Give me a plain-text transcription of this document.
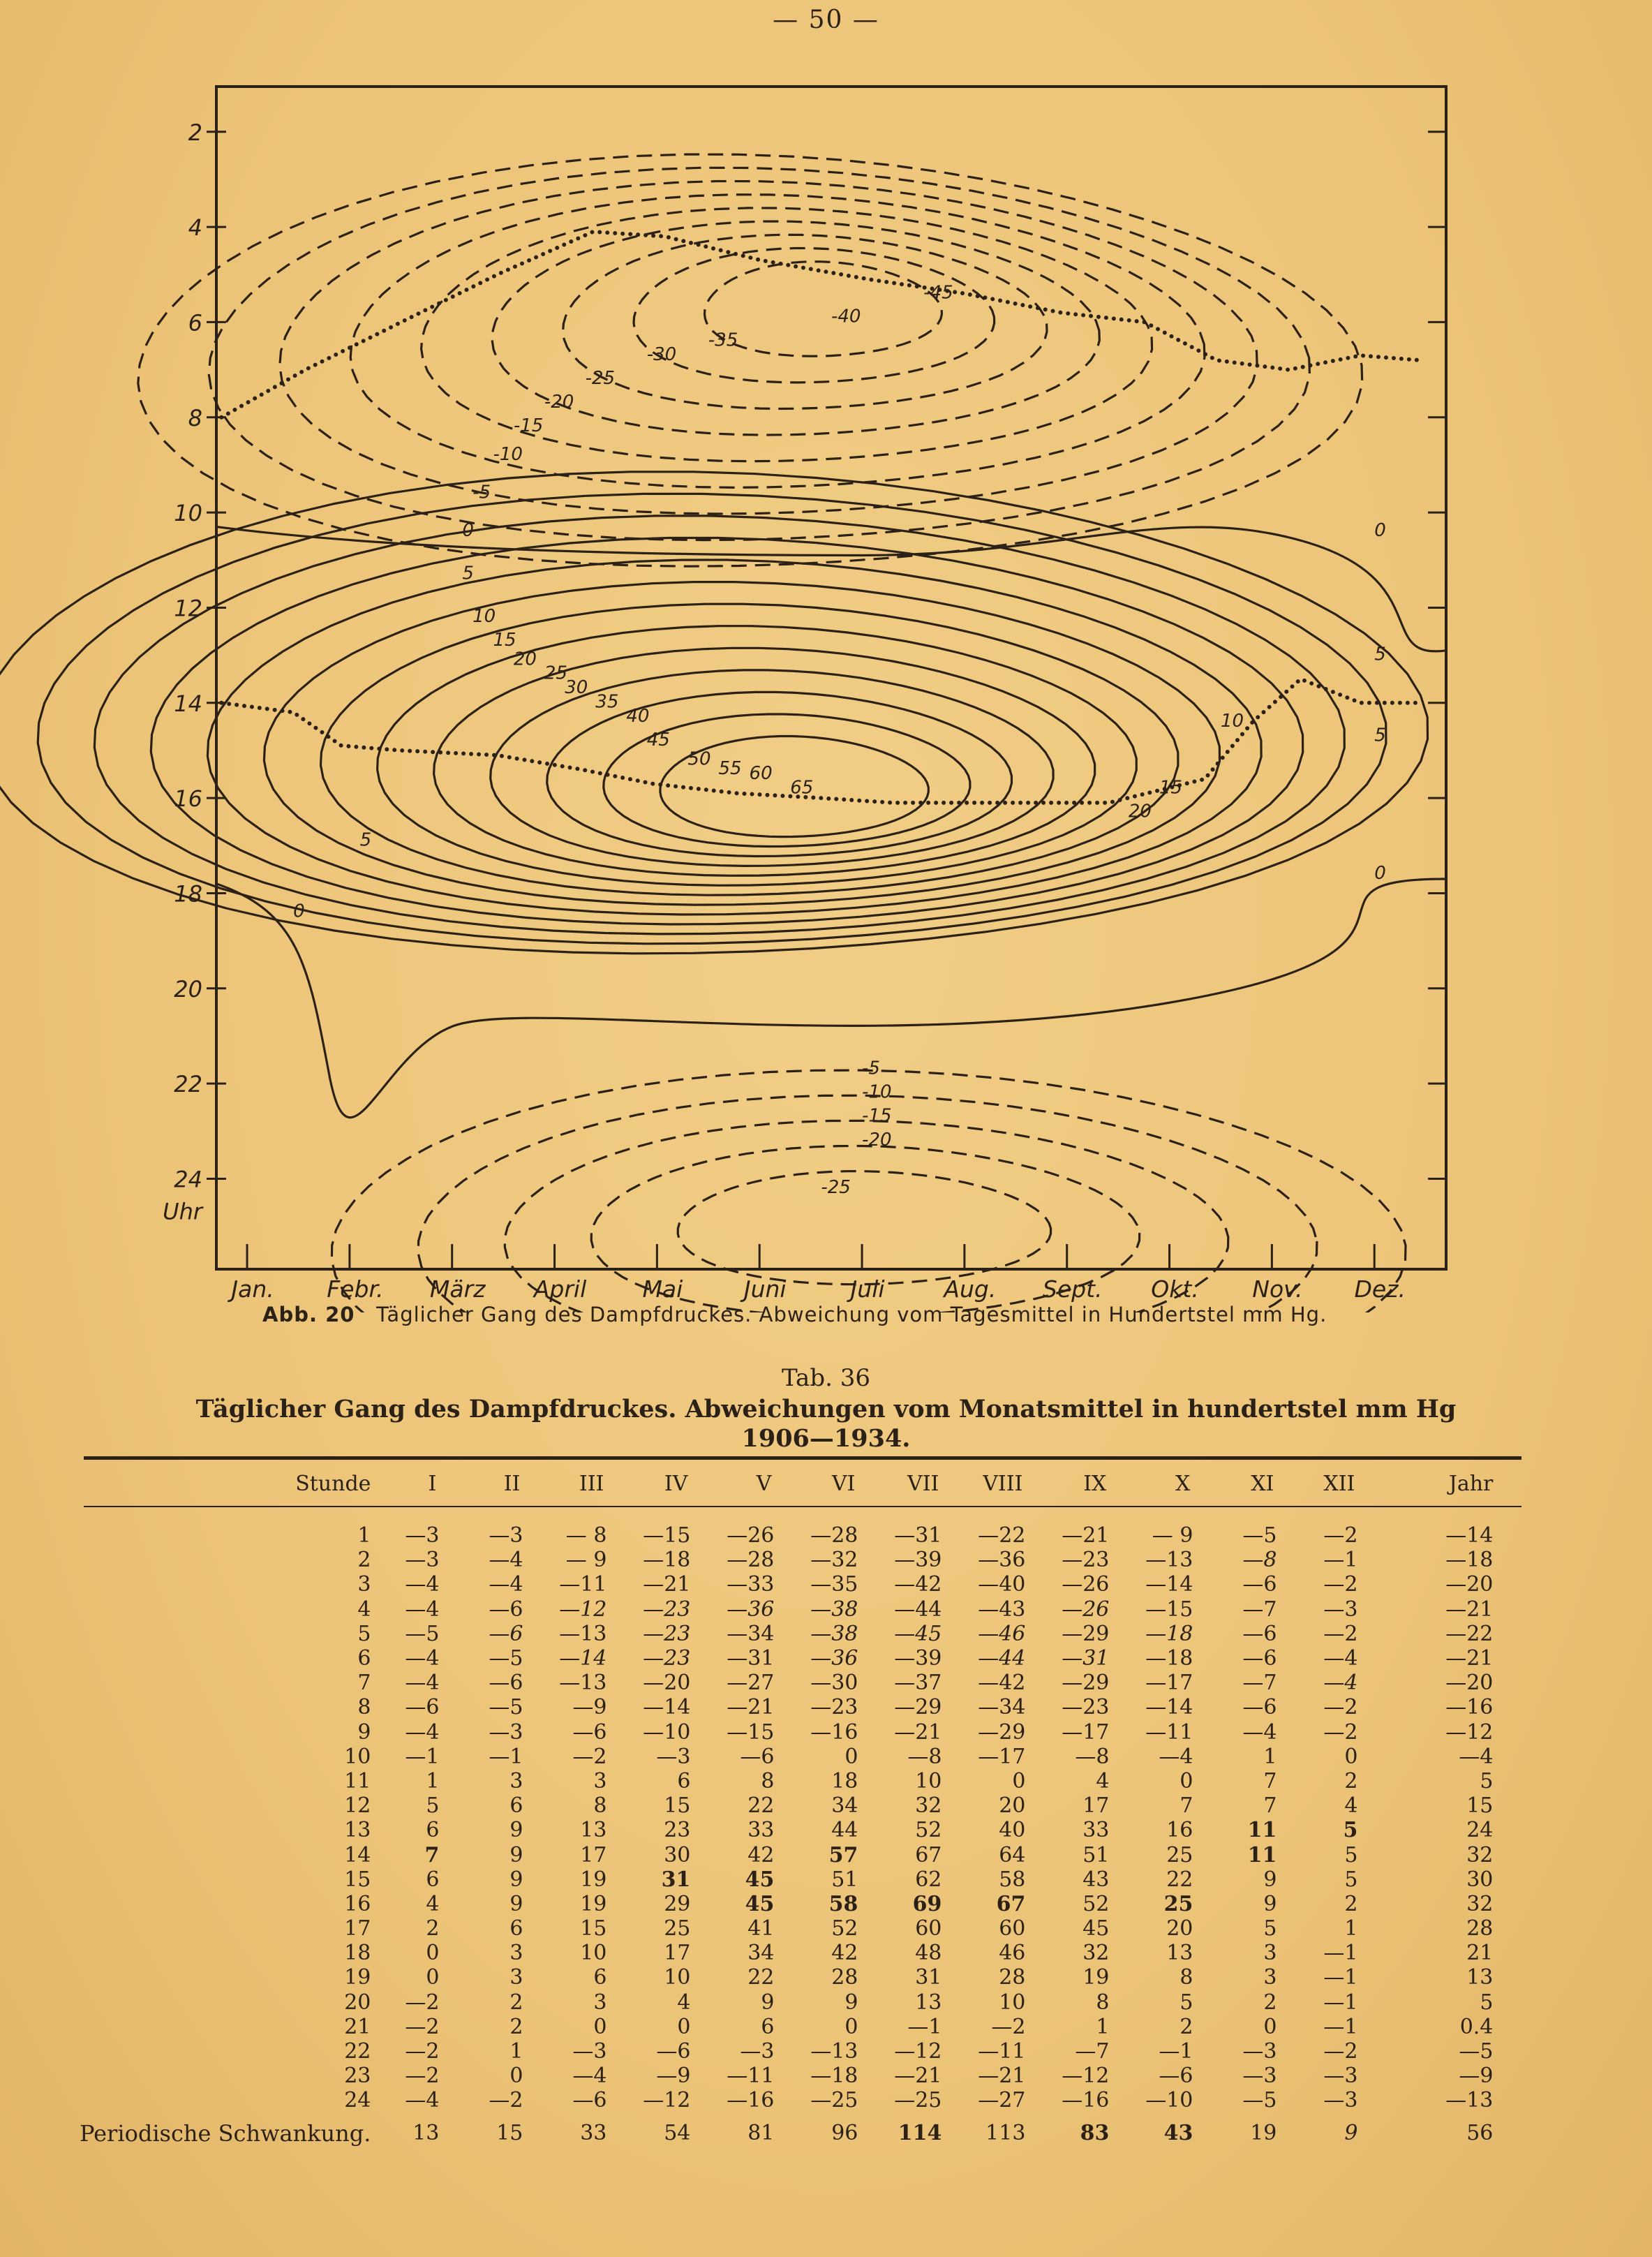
— 50 —
2
4
6
8
10
12
14
16
18
20
22
24
Uhr
Jan. Febr. März April Mai	Juni	Juli	Aug. Sept. Okt. Nov. Dez.
-45
-40
-35
-30
-25
-20
-15
-10
-5
0	0
5
10
15
20
25
30
35
40
45
50 55 60
65
20
15
10
5
5
5
0
0
-5
-10
-15
-20
-25
Abb. 20 Täglicher Gang des Dampfdruckes. Abweichung vom Tagesmittel in Hundertstel mm Hg.
Tab. 36
Täglicher Gang des Dampfdruckes. Abweichungen vom Monatsmittel in hundertstel mm Hg
1906—1934.
Stunde	I	II	III	IV	V	VI	VII	VIII	IX	X	XI	XII	Jahr
1	—3	—3	— 8	—15	—26	—28	—31	—22	—21	— 9	—5	—2	—14
2	—3	—4	— 9	—18	—28	—32	—39	—36	—23	—13	—8	—1	—18
3	—4	—4	—11	—21	—33	—35	—42	—40	—26	—14	—6	—2	—20
4	—4	—6	—12	—23	—36	—38	—44	—43	—26	—15	—7	—3	—21
5	—5	—6	—13	—23	—34	—38	—45	—46	—29	—18	—6	—2	—22
6	—4	—5	—14	—23	—31	—36	—39	—44	—31	—18	—6	—4	—21
7	—4	—6	—13	—20	—27	—30	—37	—42	—29	—17	—7	—4	—20
8	—6	—5	—9	—14	—21	—23	—29	—34	—23	—14	—6	—2	—16
9	—4	—3	—6	—10	—15	—16	—21	—29	—17	—11	—4	—2	—12
10	—1	—1	—2	—3	—6	0	—8	—17	—8	—4	1	0	—4
11	1	3	3	6	8	18	10	0	4	0	7	2	5
12	5	6	8	15	22	34	32	20	17	7	7	4	15
13	6	9	13	23	33	44	52	40	33	16	11	5	24
14	7	9	17	30	42	57	67	64	51	25	11	5	32
15	6	9	19	31	45	51	62	58	43	22	9	5	30
16	4	9	19	29	45	58	69	67	52	25	9	2	32
17	2	6	15	25	41	52	60	60	45	20	5	1	28
18	0	3	10	17	34	42	48	46	32	13	3	—1	21
19	0	3	6	10	22	28	31	28	19	8	3	—1	13
20	—2	2	3	4	9	9	13	10	8	5	2	—1	5
21	—2	2	0	0	6	0	—1	—2	1	2	0	—1	0.4
22	—2	1	—3	—6	—3	—13	—12	—11	—7	—1	—3	—2	—5
23	—2	0	—4	—9	—11	—18	—21	—21	—12	—6	—3	—3	—9
24	—4	—2	—6	—12	—16	—25	—25	—27	—16	—10	—5	—3	—13
Periodische Schwankung.	13	15	33	54	81	96	114	113	83	43	19	9	56
